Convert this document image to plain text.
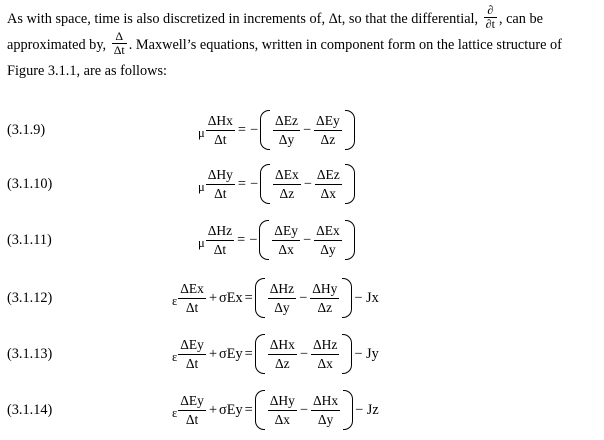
As with space, time is also discretized in increments of, Δt, so that the differential,
∂
∂t , can be
approximated by, $\frac{\Delta}{\Delta t}$ . Maxwell’s equations, written in component form on the lattice structure of
Figure 3.1.1, are as follows:
(3.1.9)	μ $\frac{\text{ΔHx}}{\Delta t}$ = − $\frac{\text{ΔEz}}{\Delta y} - \frac{\text{ΔEy}}{\Delta z}$
(3.1.10)	μ $\frac{\text{ΔHy}}{\Delta t}$ = − $\frac{\text{ΔEx}}{\Delta z} - \frac{\text{ΔEz}}{\Delta x}$
(3.1.11)	μ $\frac{\text{ΔHz}}{\Delta t}$ = − $\frac{\text{ΔEy}}{\Delta x} - \frac{\text{ΔEx}}{\Delta y}$
(3.1.12)	ε $\frac{\text{ΔEx}}{\Delta t} + \sigma Ex = \frac{\text{ΔHz}}{\Delta y} - \frac{\text{ΔHy}}{\Delta z} - Jx$
(3.1.13)	ε $\frac{\text{ΔEy}}{\Delta t} + \sigma Ey = \frac{\text{ΔHx}}{\Delta z} - \frac{\text{ΔHz}}{\Delta x} - Jy$
(3.1.14)	ε $\frac{\text{ΔEy}}{\Delta t} + \sigma Ey = \frac{\text{ΔHy}}{\Delta x} - \frac{\text{ΔHx}}{\Delta y} - Jz$
